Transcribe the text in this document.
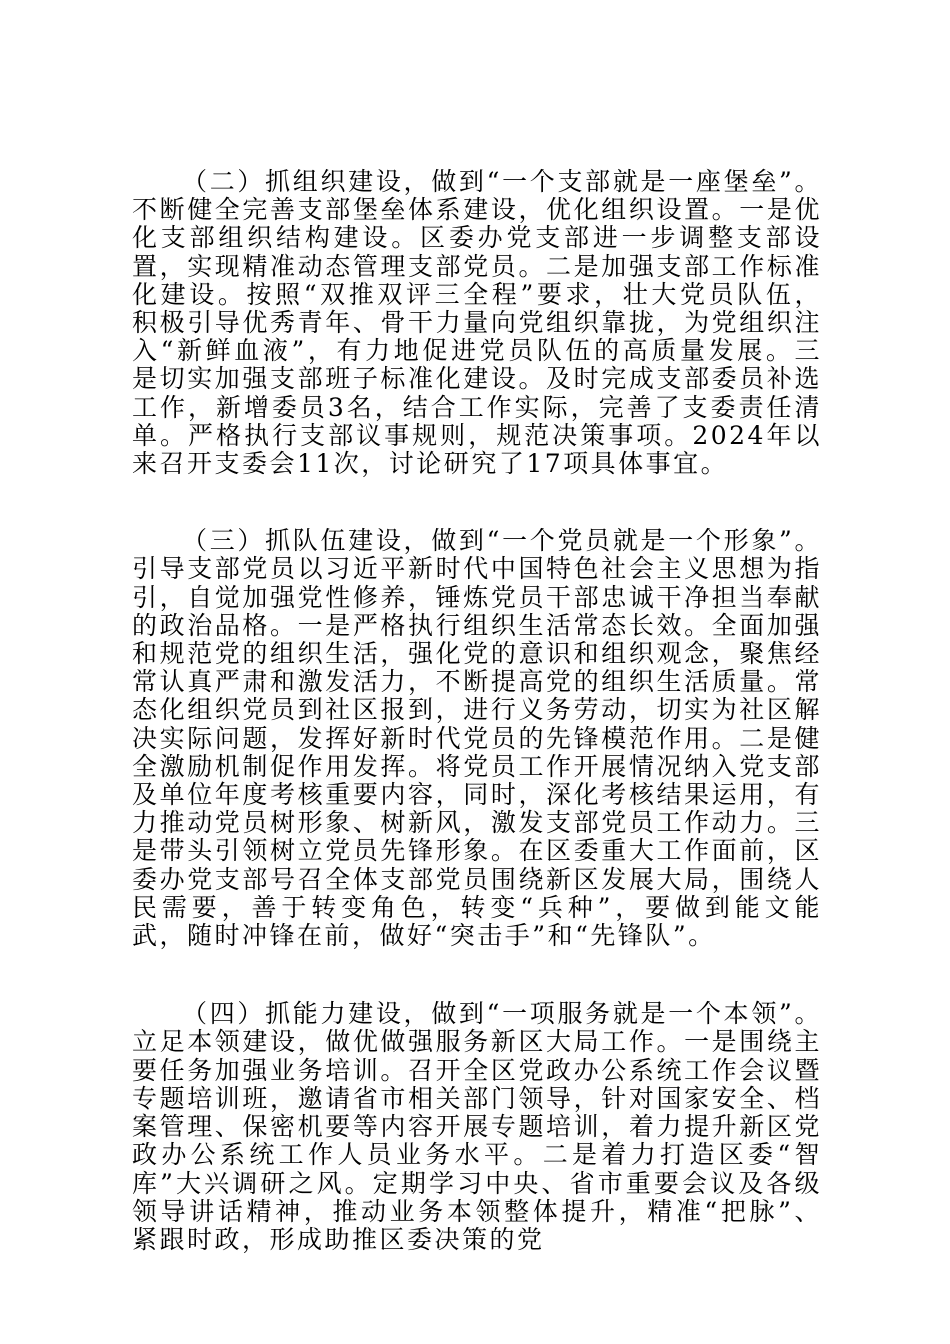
（二）抓组织建设，做到“一个支部就是一座堡垒”。不断健全完善支部堡垒体系建设，优化组织设置。一是优化支部组织结构建设。区委办党支部进一步调整支部设置，实现精准动态管理支部党员。二是加强支部工作标准化建设。按照“双推双评三全程”要求，壮大党员队伍，积极引导优秀青年、骨干力量向党组织靠拢，为党组织注入“新鲜血液”，有力地促进党员队伍的高质量发展。三是切实加强支部班子标准化建设。及时完成支部委员补选工作，新增委员3名，结合工作实际，完善了支委责任清单。严格执行支部议事规则，规范决策事项。2024年以来召开支委会11次，讨论研究了17项具体事宜。

（三）抓队伍建设，做到“一个党员就是一个形象”。引导支部党员以习近平新时代中国特色社会主义思想为指引，自觉加强党性修养，锤炼党员干部忠诚干净担当奉献的政治品格。一是严格执行组织生活常态长效。全面加强和规范党的组织生活，强化党的意识和组织观念，聚焦经常认真严肃和激发活力，不断提高党的组织生活质量。常态化组织党员到社区报到，进行义务劳动，切实为社区解决实际问题，发挥好新时代党员的先锋模范作用。二是健全激励机制促作用发挥。将党员工作开展情况纳入党支部及单位年度考核重要内容，同时，深化考核结果运用，有力推动党员树形象、树新风，激发支部党员工作动力。三是带头引领树立党员先锋形象。在区委重大工作面前，区委办党支部号召全体支部党员围绕新区发展大局，围绕人民需要，善于转变角色，转变“兵种”，要做到能文能武，随时冲锋在前，做好“突击手”和“先锋队”。

（四）抓能力建设，做到“一项服务就是一个本领”。立足本领建设，做优做强服务新区大局工作。一是围绕主要任务加强业务培训。召开全区党政办公系统工作会议暨专题培训班，邀请省市相关部门领导，针对国家安全、档案管理、保密机要等内容开展专题培训，着力提升新区党政办公系统工作人员业务水平。二是着力打造区委“智库”大兴调研之风。定期学习中央、省市重要会议及各级领导讲话精神，推动业务本领整体提升，精准“把脉”、紧跟时政，形成助推区委决策的党
